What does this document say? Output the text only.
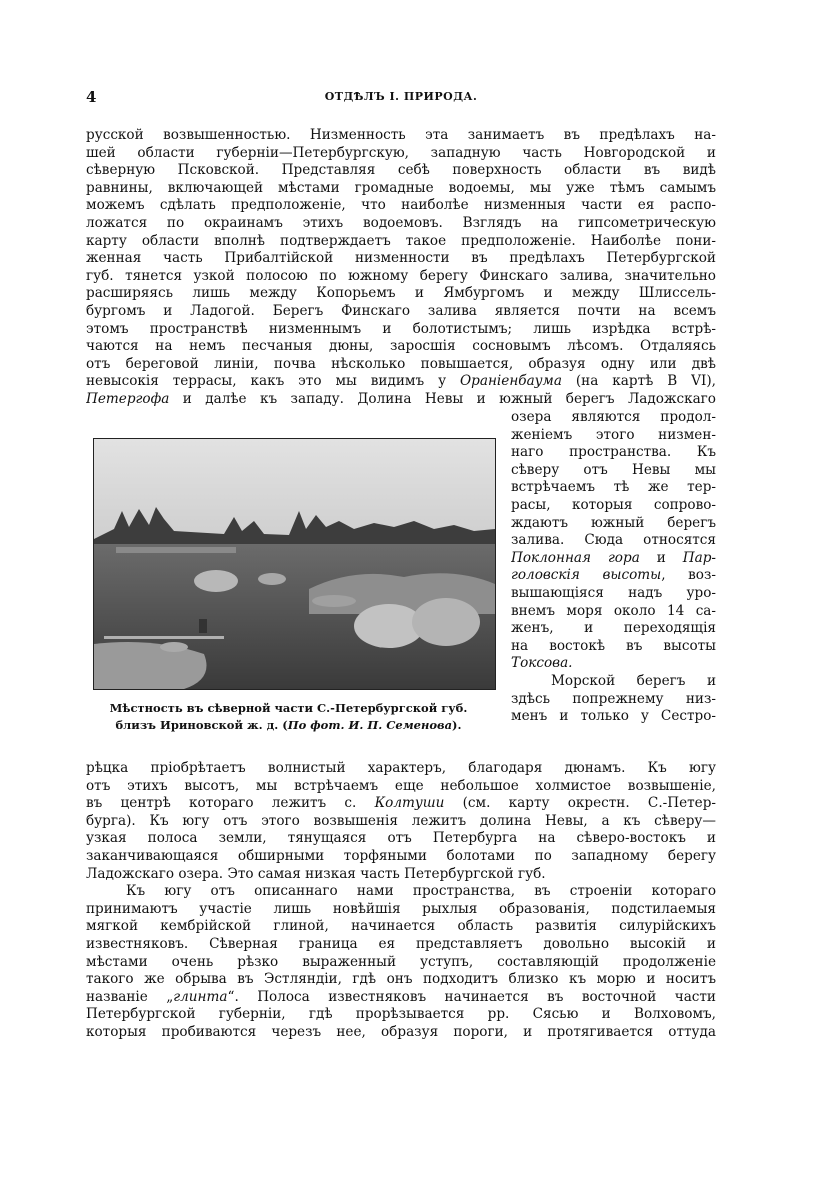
4	ОТДѢЛЪ I. ПРИРОДА.
русской возвышенностью. Низменность эта занимаетъ въ предѣлахъ на-
шей области губерніи—Петербургскую, западную часть Новгородской и
сѣверную Псковской. Представляя себѣ поверхность области въ видѣ
равнины, включающей мѣстами громадные водоемы, мы уже тѣмъ самымъ
можемъ сдѣлать предположеніе, что наиболѣе низменныя части ея распо-
ложатся по окраинамъ этихъ водоемовъ. Взглядъ на гипсометрическую
карту области вполнѣ подтверждаетъ такое предположеніе. Наиболѣе пони-
женная часть Прибалтійской низменности въ предѣлахъ Петербургской
губ. тянется узкой полосою по южному берегу Финскаго залива, значительно
расширяясь лишь между Копорьемъ и Ямбургомъ и между Шлиссель-
бургомъ и Ладогой. Берегъ Финскаго залива является почти на всемъ
этомъ пространствѣ низменнымъ и болотистымъ; лишь изрѣдка встрѣ-
чаются на немъ песчаныя дюны, заросшія сосновымъ лѣсомъ. Отдаляясь
отъ береговой линіи, почва нѣсколько повышается, образуя одну или двѣ
невысокія террасы, какъ это мы видимъ у Ораніенбаума (на картѣ В VI),
Петергофа и далѣе къ западу. Долина Невы и южный берегъ Ладожскаго
озера являются продол-
женіемъ этого низмен-
наго пространства. Къ
сѣверу отъ Невы мы
встрѣчаемъ тѣ же тер-
расы, которыя сопрово-
ждаютъ южный берегъ
залива. Сюда относятся
Поклонная гора и Пар-
головскія высоты, воз-
вышающіяся надъ уро-
внемъ моря около 14 са-
женъ, и переходящія
на востокѣ въ высоты
Токсова.
Морской берегъ и
здѣсь попрежнему низ-
менъ и только у Сестро-
Мѣстность въ сѣверной части С.-Петербургской губ.
близъ Ириновской ж. д. (По фот. И. П. Семенова).
рѣцка пріобрѣтаетъ волнистый характеръ, благодаря дюнамъ. Къ югу
отъ этихъ высотъ, мы встрѣчаемъ еще небольшое холмистое возвышеніе,
въ центрѣ котораго лежитъ с. Колтуши (см. карту окрестн. С.-Петер-
бурга). Къ югу отъ этого возвышенія лежитъ долина Невы, а къ сѣверу—
узкая полоса земли, тянущаяся отъ Петербурга на сѣверо-востокъ и
заканчивающаяся обширными торфяными болотами по западному берегу
Ладожскаго озера. Это самая низкая часть Петербургской губ.
Къ югу отъ описаннаго нами пространства, въ строеніи котораго
принимаютъ участіе лишь новѣйшія рыхлыя образованія, подстилаемыя
мягкой кембрійской глиной, начинается область развитія силурійскихъ
известняковъ. Сѣверная граница ея представляетъ довольно высокій и
мѣстами очень рѣзко выраженный уступъ, составляющій продолженіе
такого же обрыва въ Эстляндіи, гдѣ онъ подходитъ близко къ морю и носитъ
названіе „глинта“. Полоса известняковъ начинается въ восточной части
Петербургской губерніи, гдѣ прорѣзывается рр. Сясью и Волховомъ,
которыя пробиваются черезъ нее, образуя пороги, и протягивается оттуда
